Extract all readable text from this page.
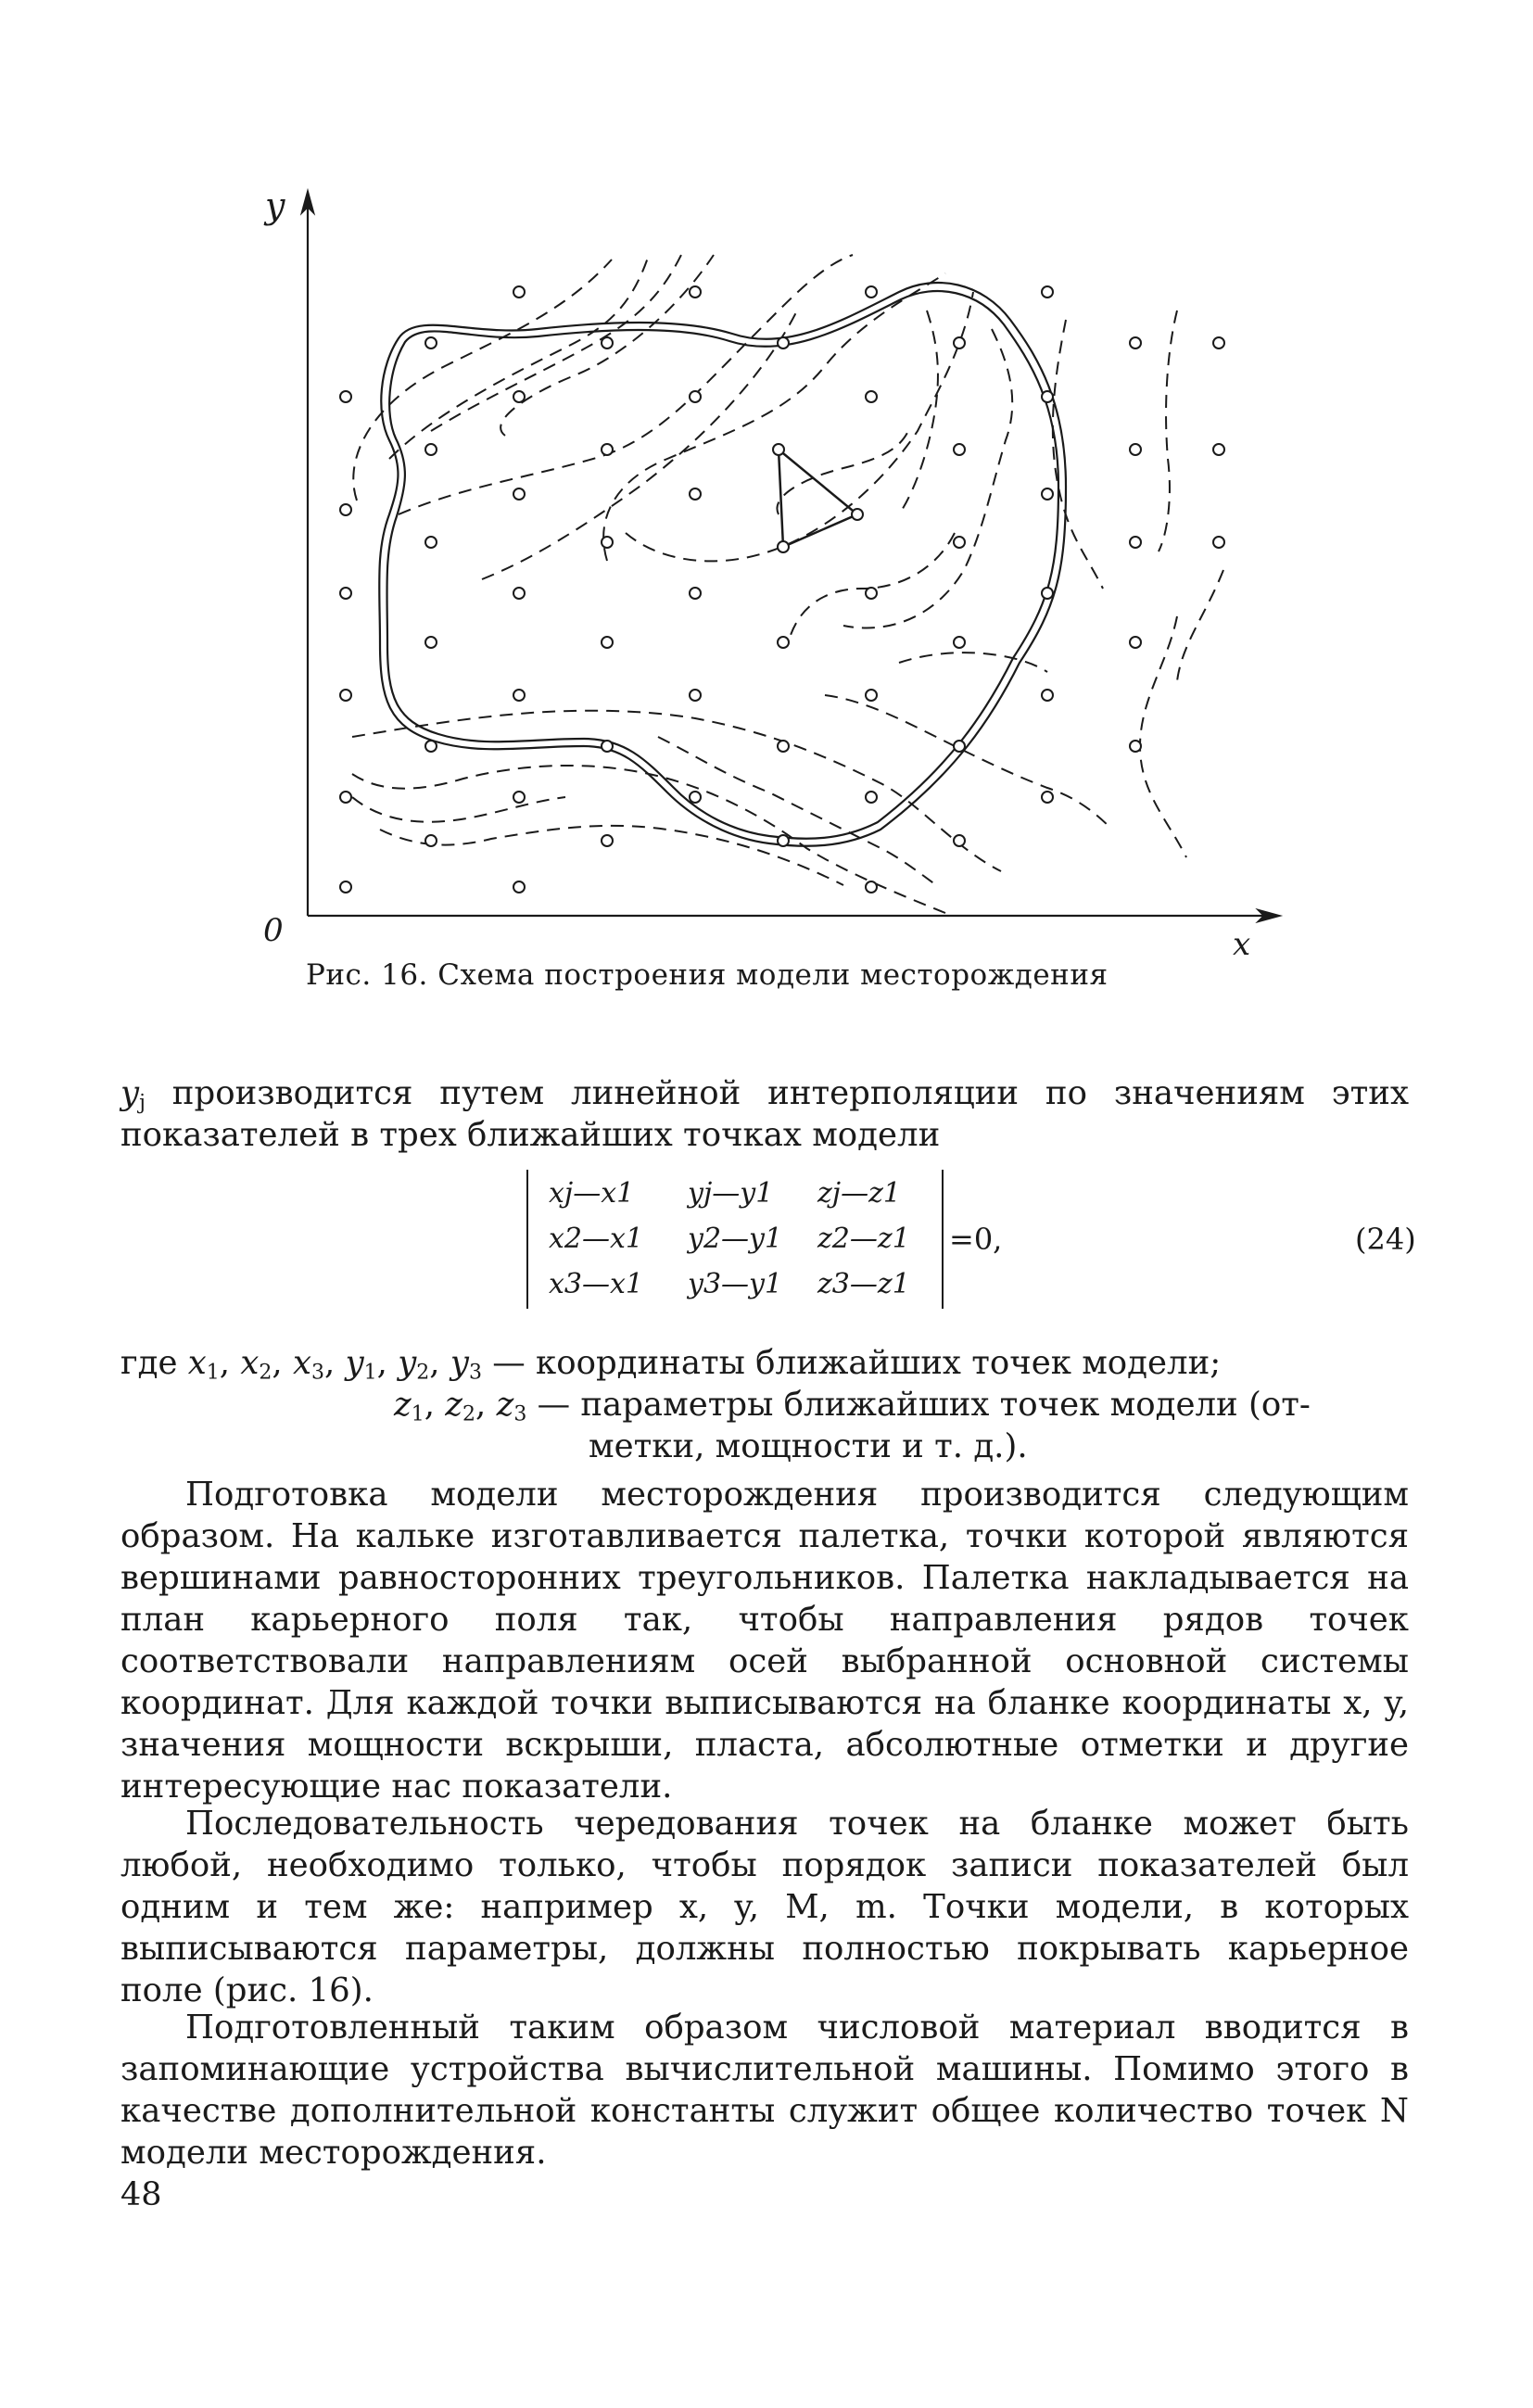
y
0	x
Рис. 16. Схема построения модели месторождения

$y_j$ производится путем линейной интерполяции по значениям этих показателей в трех ближайших точках модели

xj—x1 yj—y1 zj—z1
x2—x1 y2—y1 z2—z1
x3—x1 y3—y1 z3—z1
=0,	(24)
где $x_1$, $x_2$, $x_3$, $y_1$, $y_2$, $y_3$ — координаты ближайших точек модели;
$z_1$, $z_2$, $z_3$ — параметры ближайших точек модели (от-
метки, мощности и т. д.).

Подготовка модели месторождения производится следующим образом. На кальке изготавливается палетка, точки которой являются вершинами равносторонних треугольников. Палетка накладывается на план карьерного поля так, чтобы направления рядов точек соответствовали направлениям осей выбранной основной системы координат. Для каждой точки выписываются на бланке координаты x, y, значения мощности вскрыши, пласта, абсолютные отметки и другие интересующие нас показатели.

Последовательность чередования точек на бланке может быть любой, необходимо только, чтобы порядок записи показателей был одним и тем же: например x, y, M, m. Точки модели, в которых выписываются параметры, должны полностью покрывать карьерное поле (рис. 16).

Подготовленный таким образом числовой материал вводится в запоминающие устройства вычислительной машины. Помимо этого в качестве дополнительной константы служит общее количество точек N модели месторождения.

48
